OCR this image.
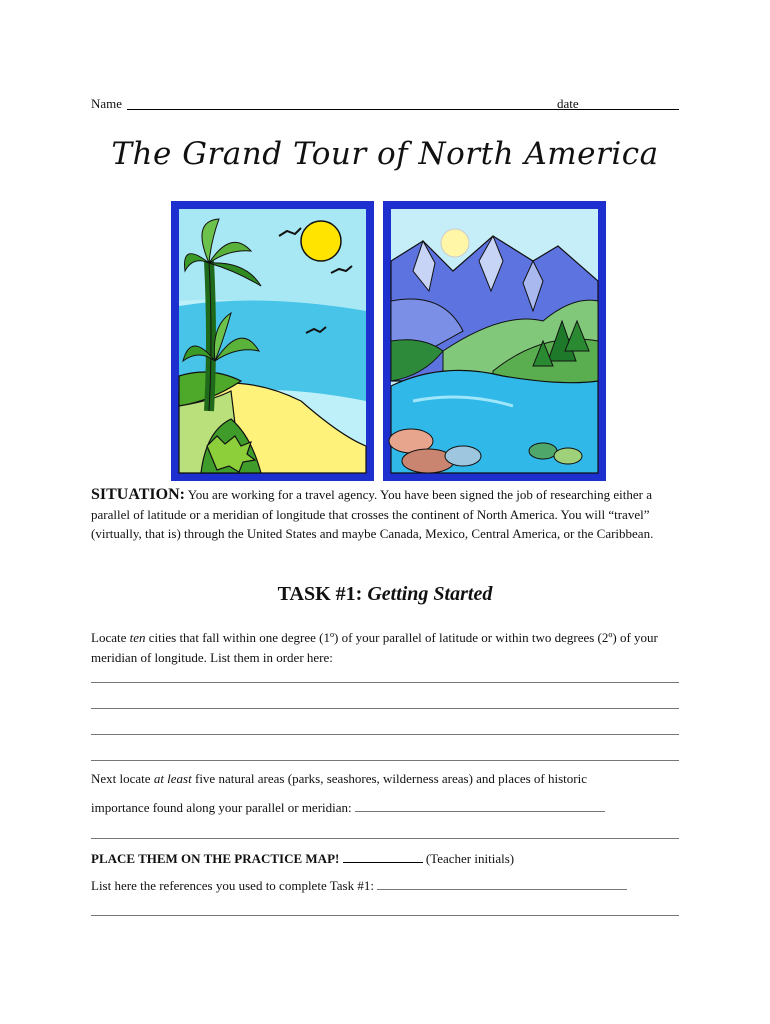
Name	date
The Grand Tour of North America
SITUATION: You are working for a travel agency. You have been signed the job of researching either a parallel of latitude or a meridian of longitude that crosses the continent of North America. You will “travel” (virtually, that is) through the United States and maybe Canada, Mexico, Central America, or the Caribbean.
TASK #1: Getting Started
Locate ten cities that fall within one degree (1º) of your parallel of latitude or within two degrees (2º) of your meridian of longitude. List them in order here:
Next locate at least five natural areas (parks, seashores, wilderness areas) and places of historic
importance found along your parallel or meridian:
PLACE THEM ON THE PRACTICE MAP!	(Teacher initials)
List here the references you used to complete Task #1:
